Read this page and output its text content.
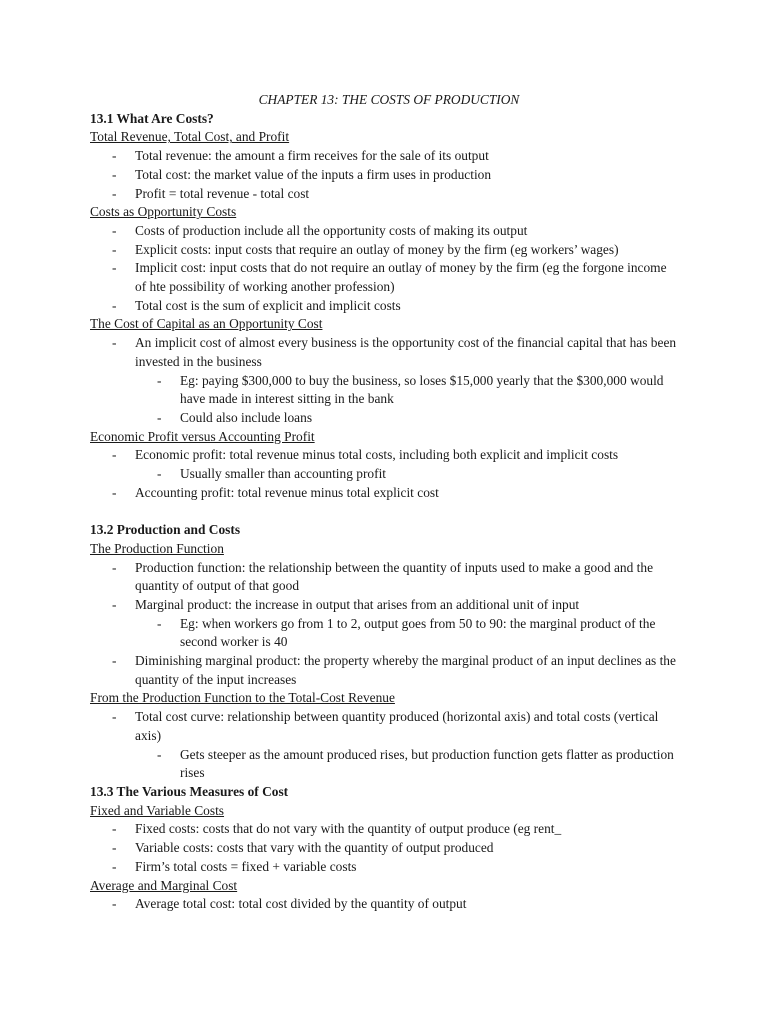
CHAPTER 13: THE COSTS OF PRODUCTION
13.1 What Are Costs?
Total Revenue, Total Cost, and Profit
- Total revenue: the amount a firm receives for the sale of its output
- Total cost: the market value of the inputs a firm uses in production
- Profit = total revenue - total cost
Costs as Opportunity Costs
- Costs of production include all the opportunity costs of making its output
- Explicit costs: input costs that require an outlay of money by the firm (eg workers’ wages)
- Implicit cost: input costs that do not require an outlay of money by the firm (eg the forgone income of hte possibility of working another profession)
- Total cost is the sum of explicit and implicit costs
The Cost of Capital as an Opportunity Cost
- An implicit cost of almost every business is the opportunity cost of the financial capital that has been invested in the business
- Eg: paying $300,000 to buy the business, so loses $15,000 yearly that the $300,000 would have made in interest sitting in the bank
- Could also include loans
Economic Profit versus Accounting Profit
- Economic profit: total revenue minus total costs, including both explicit and implicit costs
- Usually smaller than accounting profit
- Accounting profit: total revenue minus total explicit cost
13.2 Production and Costs
The Production Function
- Production function: the relationship between the quantity of inputs used to make a good and the quantity of output of that good
- Marginal product: the increase in output that arises from an additional unit of input
- Eg: when workers go from 1 to 2, output goes from 50 to 90: the marginal product of the second worker is 40
- Diminishing marginal product: the property whereby the marginal product of an input declines as the quantity of the input increases
From the Production Function to the Total-Cost Revenue
- Total cost curve: relationship between quantity produced (horizontal axis) and total costs (vertical axis)
- Gets steeper as the amount produced rises, but production function gets flatter as production rises
13.3 The Various Measures of Cost
Fixed and Variable Costs
- Fixed costs: costs that do not vary with the quantity of output produce (eg rent_
- Variable costs: costs that vary with the quantity of output produced
- Firm’s total costs = fixed + variable costs
Average and Marginal Cost
- Average total cost: total cost divided by the quantity of output
